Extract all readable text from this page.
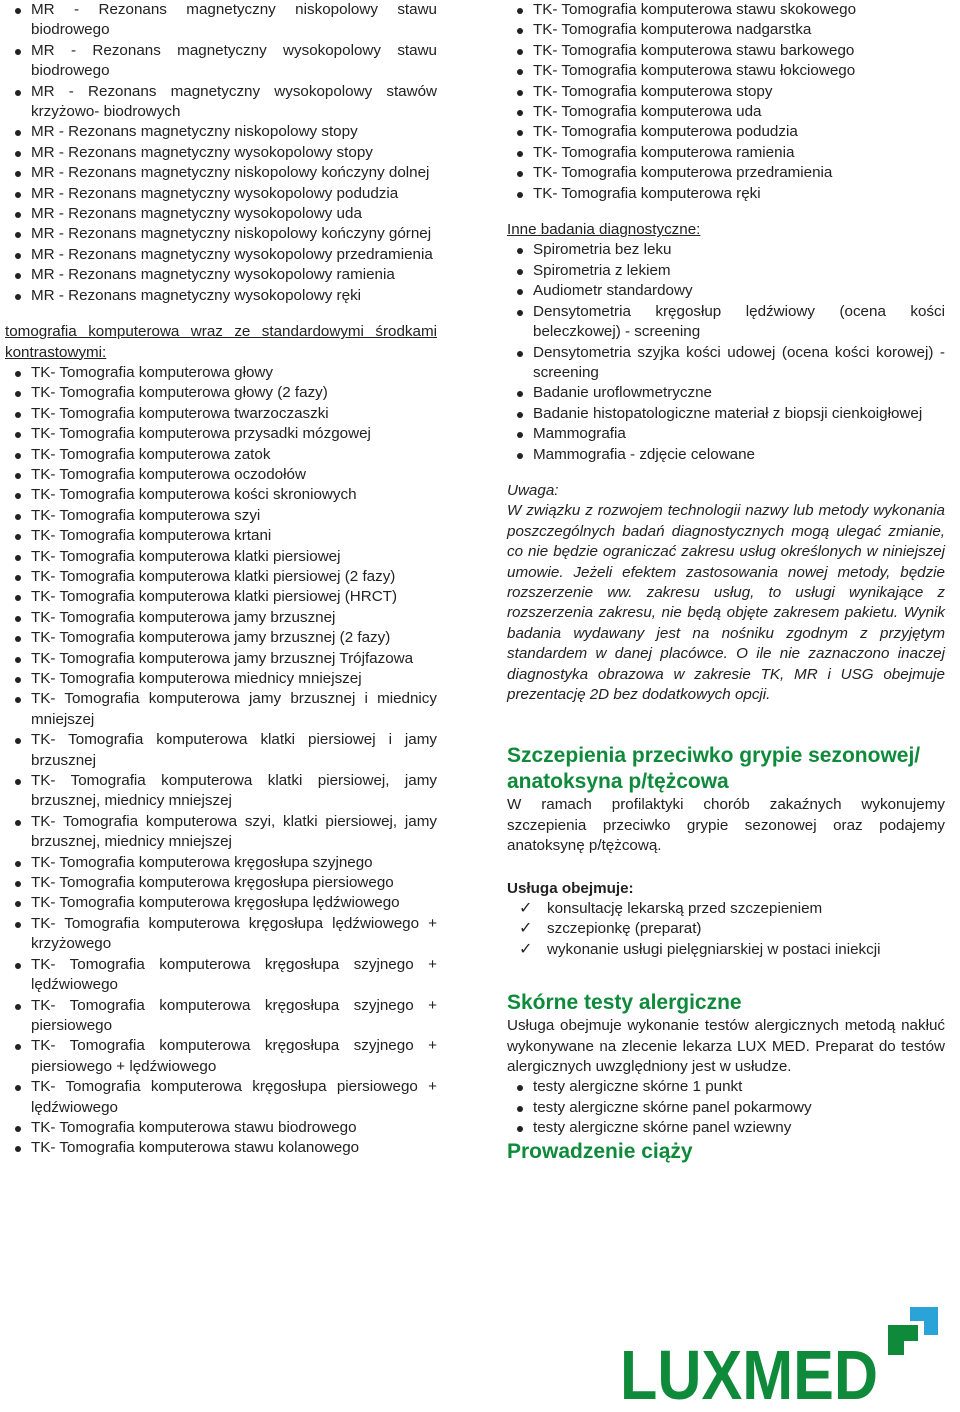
MR - Rezonans magnetyczny niskopolowy stawu biodrowego
MR - Rezonans magnetyczny wysokopolowy stawu biodrowego
MR - Rezonans magnetyczny wysokopolowy stawów krzyżowo- biodrowych
MR - Rezonans magnetyczny niskopolowy stopy
MR - Rezonans magnetyczny wysokopolowy stopy
MR - Rezonans magnetyczny niskopolowy kończyny dolnej
MR - Rezonans magnetyczny wysokopolowy podudzia
MR - Rezonans magnetyczny wysokopolowy uda
MR - Rezonans magnetyczny niskopolowy kończyny górnej
MR - Rezonans magnetyczny wysokopolowy przedramienia
MR - Rezonans magnetyczny wysokopolowy ramienia
MR - Rezonans magnetyczny wysokopolowy ręki
tomografia komputerowa wraz ze standardowymi środkami kontrastowymi:
TK- Tomografia komputerowa głowy
TK- Tomografia komputerowa głowy (2 fazy)
TK- Tomografia komputerowa twarzoczaszki
TK- Tomografia komputerowa przysadki mózgowej
TK- Tomografia komputerowa zatok
TK- Tomografia komputerowa oczodołów
TK- Tomografia komputerowa kości skroniowych
TK- Tomografia komputerowa szyi
TK- Tomografia komputerowa krtani
TK- Tomografia komputerowa klatki piersiowej
TK- Tomografia komputerowa klatki piersiowej (2 fazy)
TK- Tomografia komputerowa klatki piersiowej (HRCT)
TK- Tomografia komputerowa jamy brzusznej
TK- Tomografia komputerowa jamy brzusznej (2 fazy)
TK- Tomografia komputerowa jamy brzusznej Trójfazowa
TK- Tomografia komputerowa miednicy mniejszej
TK- Tomografia komputerowa jamy brzusznej i miednicy mniejszej
TK- Tomografia komputerowa klatki piersiowej i jamy brzusznej
TK- Tomografia komputerowa klatki piersiowej, jamy brzusznej, miednicy mniejszej
TK- Tomografia komputerowa szyi, klatki piersiowej, jamy brzusznej, miednicy mniejszej
TK- Tomografia komputerowa kręgosłupa szyjnego
TK- Tomografia komputerowa kręgosłupa piersiowego
TK- Tomografia komputerowa kręgosłupa lędźwiowego
TK- Tomografia komputerowa kręgosłupa lędźwiowego + krzyżowego
TK- Tomografia komputerowa kręgosłupa szyjnego + lędźwiowego
TK- Tomografia komputerowa kręgosłupa szyjnego + piersiowego
TK- Tomografia komputerowa kręgosłupa szyjnego + piersiowego + lędźwiowego
TK- Tomografia komputerowa kręgosłupa piersiowego + lędźwiowego
TK- Tomografia komputerowa stawu biodrowego
TK- Tomografia komputerowa stawu kolanowego
TK- Tomografia komputerowa stawu skokowego
TK- Tomografia komputerowa nadgarstka
TK- Tomografia komputerowa stawu barkowego
TK- Tomografia komputerowa stawu łokciowego
TK- Tomografia komputerowa stopy
TK- Tomografia komputerowa uda
TK- Tomografia komputerowa podudzia
TK- Tomografia komputerowa ramienia
TK- Tomografia komputerowa przedramienia
TK- Tomografia komputerowa ręki
Inne badania diagnostyczne:
Spirometria bez leku
Spirometria z lekiem
Audiometr standardowy
Densytometria kręgosłup lędźwiowy (ocena kości beleczkowej) - screening
Densytometria szyjka kości udowej (ocena kości korowej) - screening
Badanie uroflowmetryczne
Badanie histopatologiczne materiał z biopsji cienkoigłowej
Mammografia
Mammografia - zdjęcie celowane
Uwaga:
W związku z rozwojem technologii nazwy lub metody wykonania poszczególnych badań diagnostycznych mogą ulegać zmianie, co nie będzie ograniczać zakresu usług określonych w niniejszej umowie. Jeżeli efektem zastosowania nowej metody, będzie rozszerzenie ww. zakresu usług, to usługi wynikające z rozszerzenia zakresu, nie będą objęte zakresem pakietu. Wynik badania wydawany jest na nośniku zgodnym z przyjętym standardem w danej placówce. O ile nie zaznaczono inaczej diagnostyka obrazowa w zakresie TK, MR i USG obejmuje prezentację 2D bez dodatkowych opcji.
Szczepienia przeciwko grypie sezonowej/ anatoksyna p/tężcowa
W ramach profilaktyki chorób zakaźnych wykonujemy szczepienia przeciwko grypie sezonowej oraz podajemy anatoksynę p/tężcową.
Usługa obejmuje:
✓ konsultację lekarską przed szczepieniem
✓ szczepionkę (preparat)
✓ wykonanie usługi pielęgniarskiej w postaci iniekcji
Skórne testy alergiczne
Usługa obejmuje wykonanie testów alergicznych metodą nakłuć wykonywane na zlecenie lekarza LUX MED. Preparat do testów alergicznych uwzględniony jest w usłudze.
testy alergiczne skórne 1 punkt
testy alergiczne skórne panel pokarmowy
testy alergiczne skórne panel wziewny
Prowadzenie ciąży
LUXMED
